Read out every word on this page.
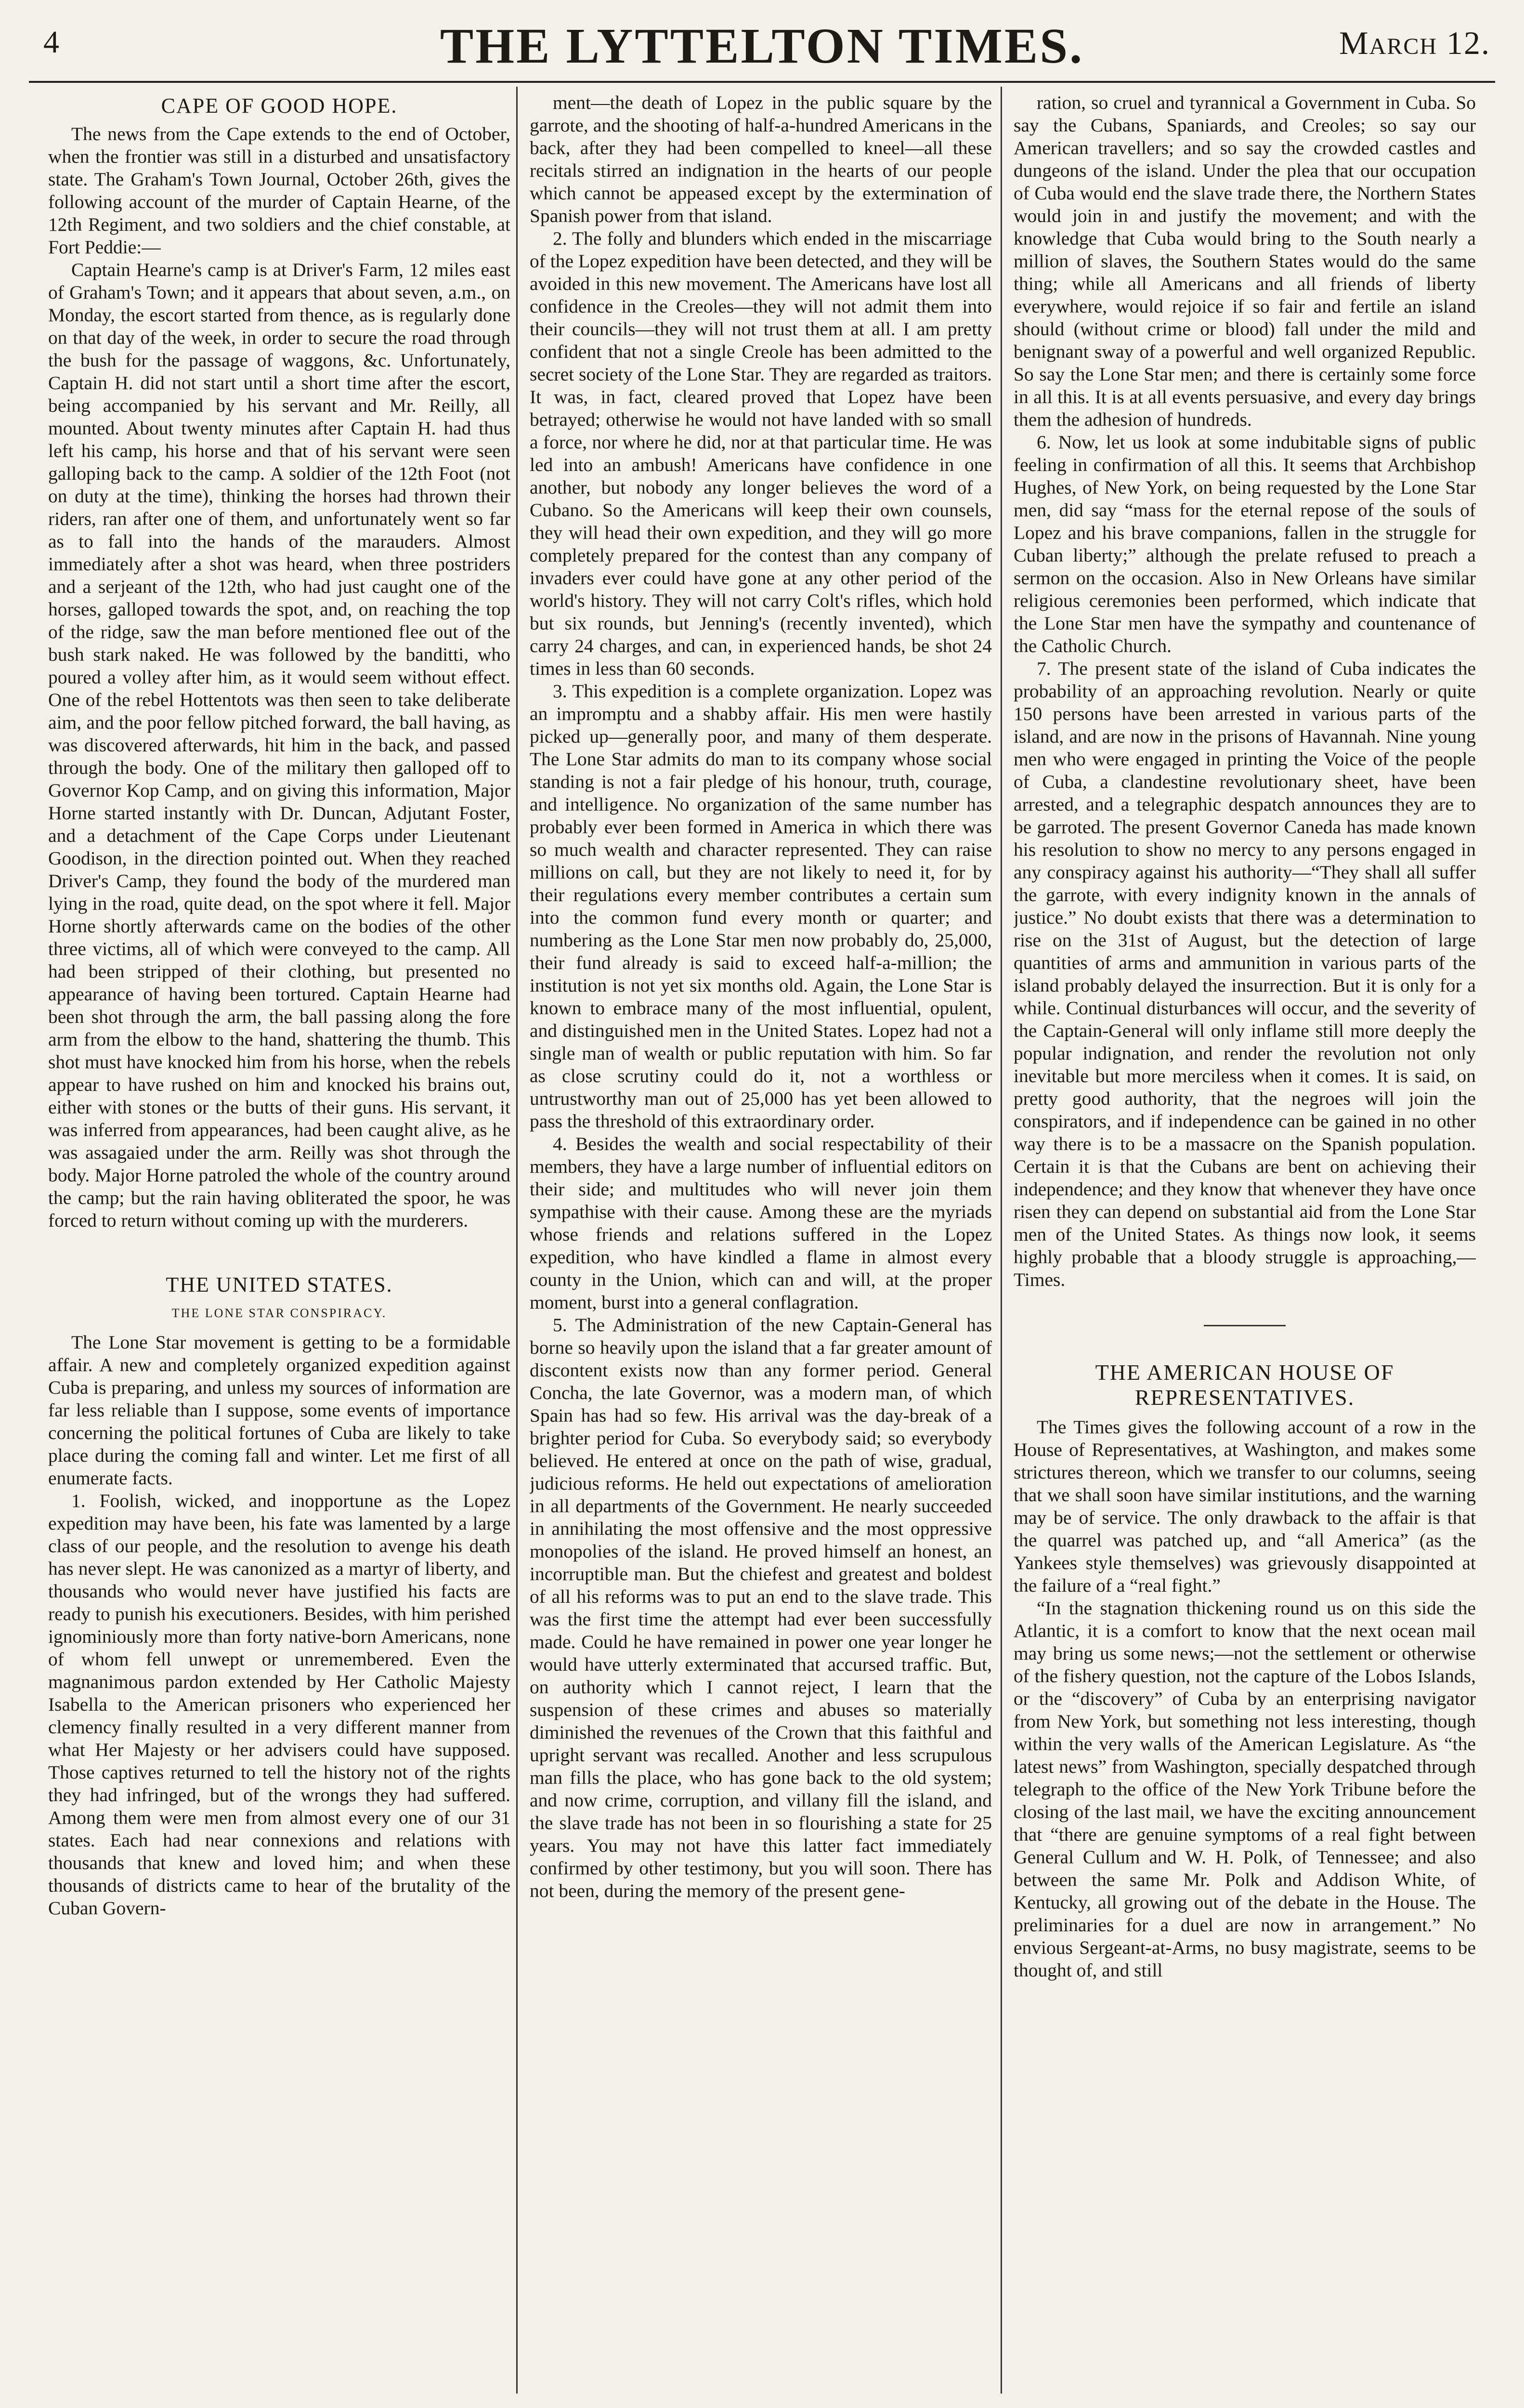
4	THE LYTTELTON TIMES.	March 12.
CAPE OF GOOD HOPE.

The news from the Cape extends to the end of October, when the frontier was still in a disturbed and unsatisfactory state. The Graham's Town Journal, October 26th, gives the following account of the murder of Captain Hearne, of the 12th Regiment, and two soldiers and the chief constable, at Fort Peddie:—

Captain Hearne's camp is at Driver's Farm, 12 miles east of Graham's Town; and it appears that about seven, a.m., on Monday, the escort started from thence, as is regularly done on that day of the week, in order to secure the road through the bush for the passage of waggons, &c. Unfortunately, Captain H. did not start until a short time after the escort, being accompanied by his servant and Mr. Reilly, all mounted. About twenty minutes after Captain H. had thus left his camp, his horse and that of his servant were seen galloping back to the camp. A soldier of the 12th Foot (not on duty at the time), thinking the horses had thrown their riders, ran after one of them, and unfortunately went so far as to fall into the hands of the marauders. Almost immediately after a shot was heard, when three postriders and a serjeant of the 12th, who had just caught one of the horses, galloped towards the spot, and, on reaching the top of the ridge, saw the man before mentioned flee out of the bush stark naked. He was followed by the banditti, who poured a volley after him, as it would seem without effect. One of the rebel Hottentots was then seen to take deliberate aim, and the poor fellow pitched forward, the ball having, as was discovered afterwards, hit him in the back, and passed through the body. One of the military then galloped off to Governor Kop Camp, and on giving this information, Major Horne started instantly with Dr. Duncan, Adjutant Foster, and a detachment of the Cape Corps under Lieutenant Goodison, in the direction pointed out. When they reached Driver's Camp, they found the body of the murdered man lying in the road, quite dead, on the spot where it fell. Major Horne shortly afterwards came on the bodies of the other three victims, all of which were conveyed to the camp. All had been stripped of their clothing, but presented no appearance of having been tortured. Captain Hearne had been shot through the arm, the ball passing along the fore arm from the elbow to the hand, shattering the thumb. This shot must have knocked him from his horse, when the rebels appear to have rushed on him and knocked his brains out, either with stones or the butts of their guns. His servant, it was inferred from appearances, had been caught alive, as he was assagaied under the arm. Reilly was shot through the body. Major Horne patroled the whole of the country around the camp; but the rain having obliterated the spoor, he was forced to return without coming up with the murderers.

THE UNITED STATES.
THE LONE STAR CONSPIRACY.

The Lone Star movement is getting to be a formidable affair. A new and completely organized expedition against Cuba is preparing, and unless my sources of information are far less reliable than I suppose, some events of importance concerning the political fortunes of Cuba are likely to take place during the coming fall and winter. Let me first of all enumerate facts.

1. Foolish, wicked, and inopportune as the Lopez expedition may have been, his fate was lamented by a large class of our people, and the resolution to avenge his death has never slept. He was canonized as a martyr of liberty, and thousands who would never have justified his facts are ready to punish his executioners. Besides, with him perished ignominiously more than forty native-born Americans, none of whom fell unwept or unremembered. Even the magnanimous pardon extended by Her Catholic Majesty Isabella to the American prisoners who experienced her clemency finally resulted in a very different manner from what Her Majesty or her advisers could have supposed. Those captives returned to tell the history not of the rights they had infringed, but of the wrongs they had suffered. Among them were men from almost every one of our 31 states. Each had near connexions and relations with thousands that knew and loved him; and when these thousands of districts came to hear of the brutality of the Cuban Govern-

ment—the death of Lopez in the public square by the garrote, and the shooting of half-a-hundred Americans in the back, after they had been compelled to kneel—all these recitals stirred an indignation in the hearts of our people which cannot be appeased except by the extermination of Spanish power from that island.

2. The folly and blunders which ended in the miscarriage of the Lopez expedition have been detected, and they will be avoided in this new movement. The Americans have lost all confidence in the Creoles—they will not admit them into their councils—they will not trust them at all. I am pretty confident that not a single Creole has been admitted to the secret society of the Lone Star. They are regarded as traitors. It was, in fact, cleared proved that Lopez have been betrayed; otherwise he would not have landed with so small a force, nor where he did, nor at that particular time. He was led into an ambush! Americans have confidence in one another, but nobody any longer believes the word of a Cubano. So the Americans will keep their own counsels, they will head their own expedition, and they will go more completely prepared for the contest than any company of invaders ever could have gone at any other period of the world's history. They will not carry Colt's rifles, which hold but six rounds, but Jenning's (recently invented), which carry 24 charges, and can, in experienced hands, be shot 24 times in less than 60 seconds.

3. This expedition is a complete organization. Lopez was an impromptu and a shabby affair. His men were hastily picked up—generally poor, and many of them desperate. The Lone Star admits do man to its company whose social standing is not a fair pledge of his honour, truth, courage, and intelligence. No organization of the same number has probably ever been formed in America in which there was so much wealth and character represented. They can raise millions on call, but they are not likely to need it, for by their regulations every member contributes a certain sum into the common fund every month or quarter; and numbering as the Lone Star men now probably do, 25,000, their fund already is said to exceed half-a-million; the institution is not yet six months old. Again, the Lone Star is known to embrace many of the most influential, opulent, and distinguished men in the United States. Lopez had not a single man of wealth or public reputation with him. So far as close scrutiny could do it, not a worthless or untrustworthy man out of 25,000 has yet been allowed to pass the threshold of this extraordinary order.

4. Besides the wealth and social respectability of their members, they have a large number of influential editors on their side; and multitudes who will never join them sympathise with their cause. Among these are the myriads whose friends and relations suffered in the Lopez expedition, who have kindled a flame in almost every county in the Union, which can and will, at the proper moment, burst into a general conflagration.

5. The Administration of the new Captain-General has borne so heavily upon the island that a far greater amount of discontent exists now than any former period. General Concha, the late Governor, was a modern man, of which Spain has had so few. His arrival was the day-break of a brighter period for Cuba. So everybody said; so everybody believed. He entered at once on the path of wise, gradual, judicious reforms. He held out expectations of amelioration in all departments of the Government. He nearly succeeded in annihilating the most offensive and the most oppressive monopolies of the island. He proved himself an honest, an incorruptible man. But the chiefest and greatest and boldest of all his reforms was to put an end to the slave trade. This was the first time the attempt had ever been successfully made. Could he have remained in power one year longer he would have utterly exterminated that accursed traffic. But, on authority which I cannot reject, I learn that the suspension of these crimes and abuses so materially diminished the revenues of the Crown that this faithful and upright servant was recalled. Another and less scrupulous man fills the place, who has gone back to the old system; and now crime, corruption, and villany fill the island, and the slave trade has not been in so flourishing a state for 25 years. You may not have this latter fact immediately confirmed by other testimony, but you will soon. There has not been, during the memory of the present gene-

ration, so cruel and tyrannical a Government in Cuba. So say the Cubans, Spaniards, and Creoles; so say our American travellers; and so say the crowded castles and dungeons of the island. Under the plea that our occupation of Cuba would end the slave trade there, the Northern States would join in and justify the movement; and with the knowledge that Cuba would bring to the South nearly a million of slaves, the Southern States would do the same thing; while all Americans and all friends of liberty everywhere, would rejoice if so fair and fertile an island should (without crime or blood) fall under the mild and benignant sway of a powerful and well organized Republic. So say the Lone Star men; and there is certainly some force in all this. It is at all events persuasive, and every day brings them the adhesion of hundreds.

6. Now, let us look at some indubitable signs of public feeling in confirmation of all this. It seems that Archbishop Hughes, of New York, on being requested by the Lone Star men, did say “mass for the eternal repose of the souls of Lopez and his brave companions, fallen in the struggle for Cuban liberty;” although the prelate refused to preach a sermon on the occasion. Also in New Orleans have similar religious ceremonies been performed, which indicate that the Lone Star men have the sympathy and countenance of the Catholic Church.

7. The present state of the island of Cuba indicates the probability of an approaching revolution. Nearly or quite 150 persons have been arrested in various parts of the island, and are now in the prisons of Havannah. Nine young men who were engaged in printing the Voice of the people of Cuba, a clandestine revolutionary sheet, have been arrested, and a telegraphic despatch announces they are to be garroted. The present Governor Caneda has made known his resolution to show no mercy to any persons engaged in any conspiracy against his authority—“They shall all suffer the garrote, with every indignity known in the annals of justice.” No doubt exists that there was a determination to rise on the 31st of August, but the detection of large quantities of arms and ammunition in various parts of the island probably delayed the insurrection. But it is only for a while. Continual disturbances will occur, and the severity of the Captain-General will only inflame still more deeply the popular indignation, and render the revolution not only inevitable but more merciless when it comes. It is said, on pretty good authority, that the negroes will join the conspirators, and if independence can be gained in no other way there is to be a massacre on the Spanish population. Certain it is that the Cubans are bent on achieving their independence; and they know that whenever they have once risen they can depend on substantial aid from the Lone Star men of the United States. As things now look, it seems highly probable that a bloody struggle is approaching,—Times.

THE AMERICAN HOUSE OF REPRESENTATIVES.

The Times gives the following account of a row in the House of Representatives, at Washington, and makes some strictures thereon, which we transfer to our columns, seeing that we shall soon have similar institutions, and the warning may be of service. The only drawback to the affair is that the quarrel was patched up, and “all America” (as the Yankees style themselves) was grievously disappointed at the failure of a “real fight.”

“In the stagnation thickening round us on this side the Atlantic, it is a comfort to know that the next ocean mail may bring us some news;—not the settlement or otherwise of the fishery question, not the capture of the Lobos Islands, or the “discovery” of Cuba by an enterprising navigator from New York, but something not less interesting, though within the very walls of the American Legislature. As “the latest news” from Washington, specially despatched through telegraph to the office of the New York Tribune before the closing of the last mail, we have the exciting announcement that “there are genuine symptoms of a real fight between General Cullum and W. H. Polk, of Tennessee; and also between the same Mr. Polk and Addison White, of Kentucky, all growing out of the debate in the House. The preliminaries for a duel are now in arrangement.” No envious Sergeant-at-Arms, no busy magistrate, seems to be thought of, and still
